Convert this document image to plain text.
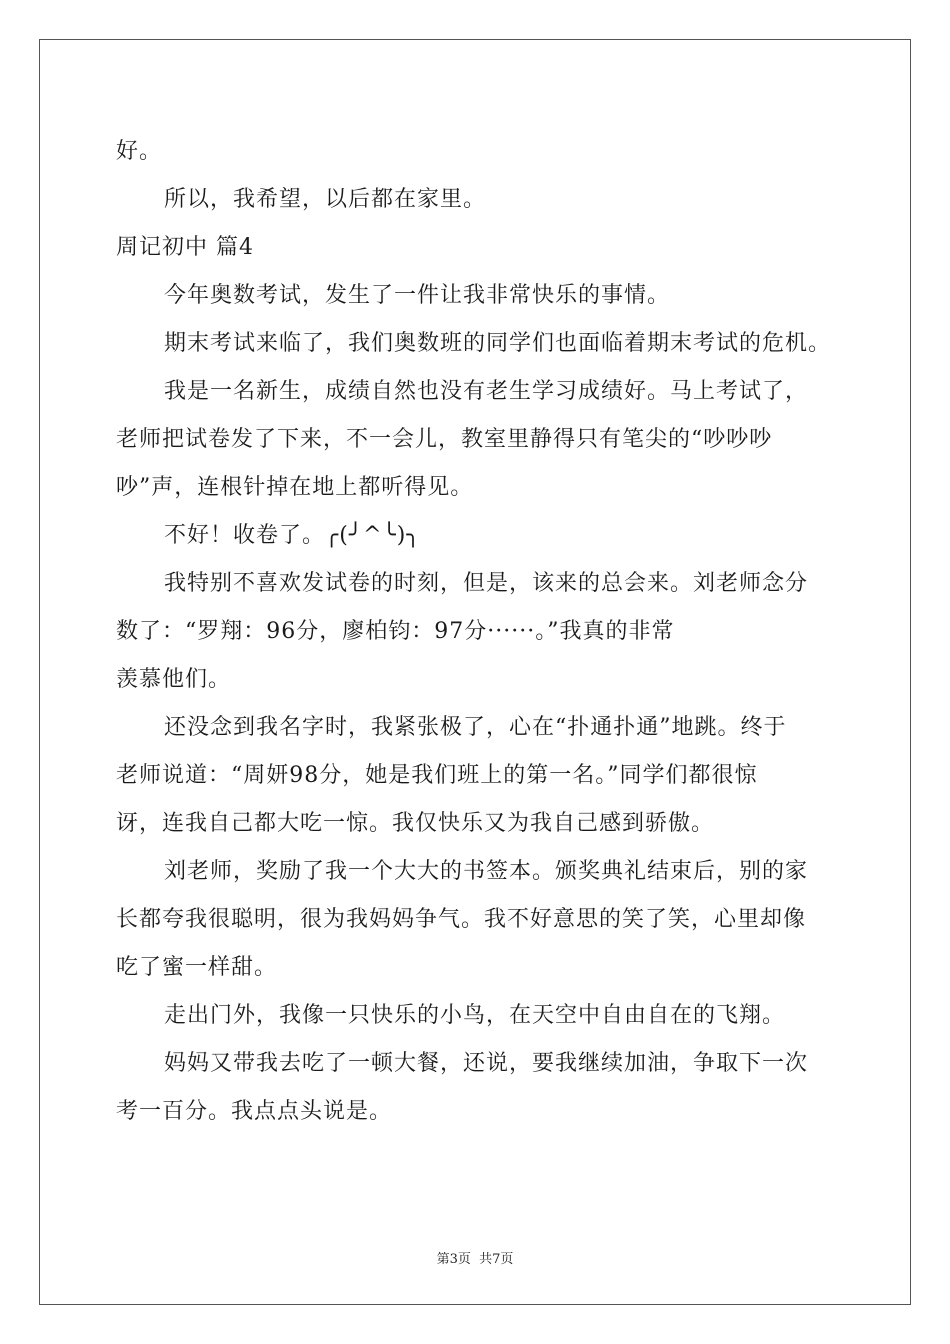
好。
所以，我希望，以后都在家里。
周记初中 篇4
今年奥数考试，发生了一件让我非常快乐的事情。
期末考试来临了，我们奥数班的同学们也面临着期末考试的危机。
我是一名新生，成绩自然也没有老生学习成绩好。马上考试了，
老师把试卷发了下来，不一会儿，教室里静得只有笔尖的“吵吵吵
吵”声，连根针掉在地上都听得见。
不好！收卷了。╭(╯^╰)╮
我特别不喜欢发试卷的时刻，但是，该来的总会来。刘老师念分
数了：“罗翔：96分，廖柏钧：97分······。”我真的非常
羡慕他们。
还没念到我名字时，我紧张极了，心在“扑通扑通”地跳。终于
老师说道：“周妍98分，她是我们班上的第一名。”同学们都很惊
讶，连我自己都大吃一惊。我仅快乐又为我自己感到骄傲。
刘老师，奖励了我一个大大的书签本。颁奖典礼结束后，别的家
长都夸我很聪明，很为我妈妈争气。我不好意思的笑了笑，心里却像
吃了蜜一样甜。
走出门外，我像一只快乐的小鸟，在天空中自由自在的飞翔。
妈妈又带我去吃了一顿大餐，还说，要我继续加油，争取下一次
考一百分。我点点头说是。
第3页 共7页
